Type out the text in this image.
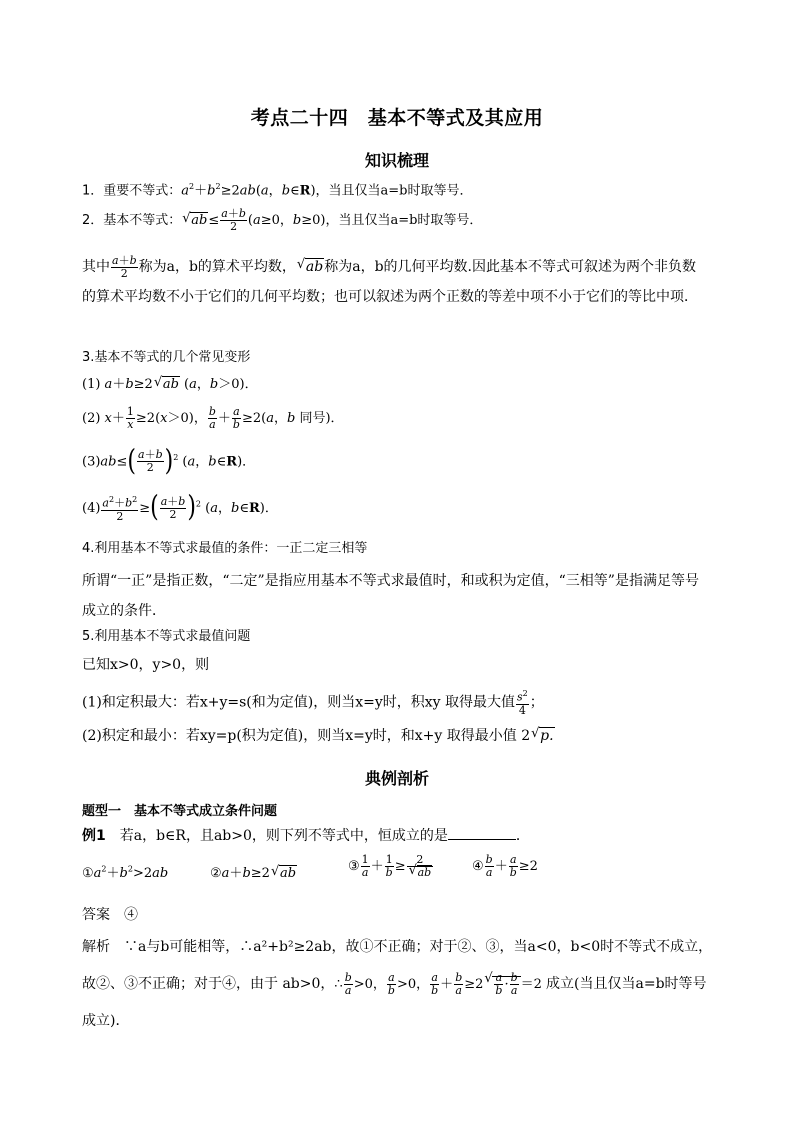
考点二十四　基本不等式及其应用
知识梳理
1．重要不等式：$a^2+b^2\ge 2ab(a$，b∈R)，当且仅当a=b时取等号．
2．基本不等式： √ $ab\le \frac{a+b}{2} (a\ge 0$，b≥0)，当且仅当a=b时取等号．
其中 $\frac{a+b}{2}$ 称为a，b的算术平均数， √ ab称为a，b的几何平均数.因此基本不等式可叙述为两个非负数的算术平均数不小于它们的几何平均数；也可以叙述为两个正数的等差中项不小于它们的等比中项．
3.基本不等式的几个常见变形
(1) a＋b≥2 √ ab (a，b＞0)．
(2) $x+ \frac{1}{x} \ge 2(x>0)$， $\frac{b}{a} + \frac{a}{b} \ge 2(a$，b 同号)．
$(3)ab\le( \frac{a+b}{2} )^2$ (a，b∈R)．
$(4) \frac{a^2+b^2}{2}$ ≥( $\frac{a+b}{2} )^2$ (a，b∈R)．
4.利用基本不等式求最值的条件：一正二定三相等
所谓“一正”是指正数，“二定”是指应用基本不等式求最值时，和或积为定值，“三相等”是指满足等号成立的条件．
5.利用基本不等式求最值问题
已知x>0，y>0，则
(1)和定积最大：若x+y=s(和为定值)，则当x=y时，积xy 取得最大值 $\frac{s^2}{4}$ ；
(2)积定和最小：若xy=p(积为定值)，则当x=y时，和x+y 取得最小值 2 √ p.
典例剖析
题型一　基本不等式成立条件问题
例1　 若a，b∈R，且ab>0，则下列不等式中，恒成立的是	．
$①a^2+b^2>2ab$	②a＋b≥2 √ ab	③ $\frac{1}{a} + \frac{1}{b} \ge \frac{2}{√ ab}$	④ $\frac{b}{a} + \frac{a}{b} \ge 2$
答案　 ④
解析　 ∵a与b可能相等，∴a²+b²≥2ab，故①不正确；对于②、③，当a<0，b<0时不等式不成立，
故②、③不正确；对于④，由于 ab>0，∴ $\frac{b}{a} >0$， $\frac{a}{b} >0$， $\frac{a}{b} + \frac{b}{a} \ge 2$ √ $\frac{a}{b} \cdot \frac{b}{a} =2$ 成立(当且仅当a=b时等号
成立)．
